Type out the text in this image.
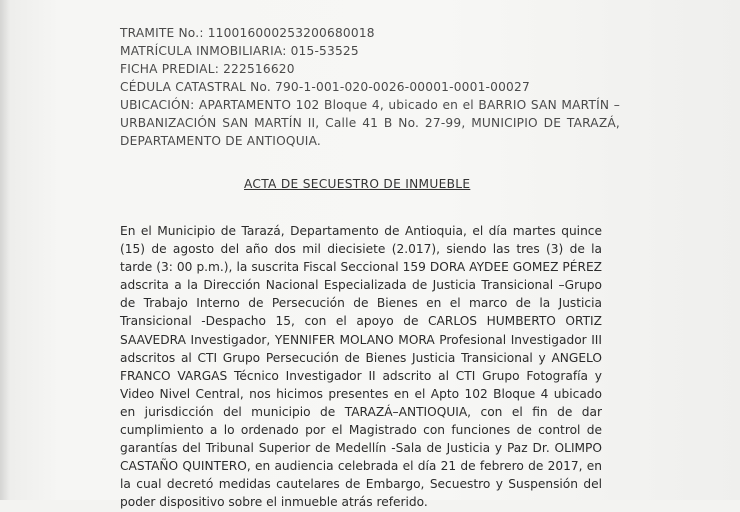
TRAMITE No.: 110016000253200680018
MATRÍCULA INMOBILIARIA: 015-53525
FICHA PREDIAL: 222516620
CÉDULA CATASTRAL No. 790-1-001-020-0026-00001-0001-00027
UBICACIÓN: APARTAMENTO 102 Bloque 4, ubicado en el BARRIO SAN MARTÍN –URBANIZACIÓN SAN MARTÍN II, Calle 41 B No. 27-99, MUNICIPIO DE TARAZÁ, DEPARTAMENTO DE ANTIOQUIA.
ACTA DE SECUESTRO DE INMUEBLE
En el Municipio de Tarazá, Departamento de Antioquia, el día martes quince (15) de agosto del año dos mil diecisiete (2.017), siendo las tres (3) de la tarde (3: 00 p.m.), la suscrita Fiscal Seccional 159 DORA AYDEE GOMEZ PÉREZ adscrita a la Dirección Nacional Especializada de Justicia Transicional –Grupo de Trabajo Interno de Persecución de Bienes en el marco de la Justicia Transicional -Despacho 15, con el apoyo de CARLOS HUMBERTO ORTIZ SAAVEDRA Investigador, YENNIFER MOLANO MORA Profesional Investigador III adscritos al CTI Grupo Persecución de Bienes Justicia Transicional y ANGELO FRANCO VARGAS Técnico Investigador II adscrito al CTI Grupo Fotografía y Video Nivel Central, nos hicimos presentes en el Apto 102 Bloque 4 ubicado en jurisdicción del municipio de TARAZÁ–ANTIOQUIA, con el fin de dar cumplimiento a lo ordenado por el Magistrado con funciones de control de garantías del Tribunal Superior de Medellín -Sala de Justicia y Paz Dr. OLIMPO CASTAÑO QUINTERO, en audiencia celebrada el día 21 de febrero de 2017, en la cual decretó medidas cautelares de Embargo, Secuestro y Suspensión del poder dispositivo sobre el inmueble atrás referido.
